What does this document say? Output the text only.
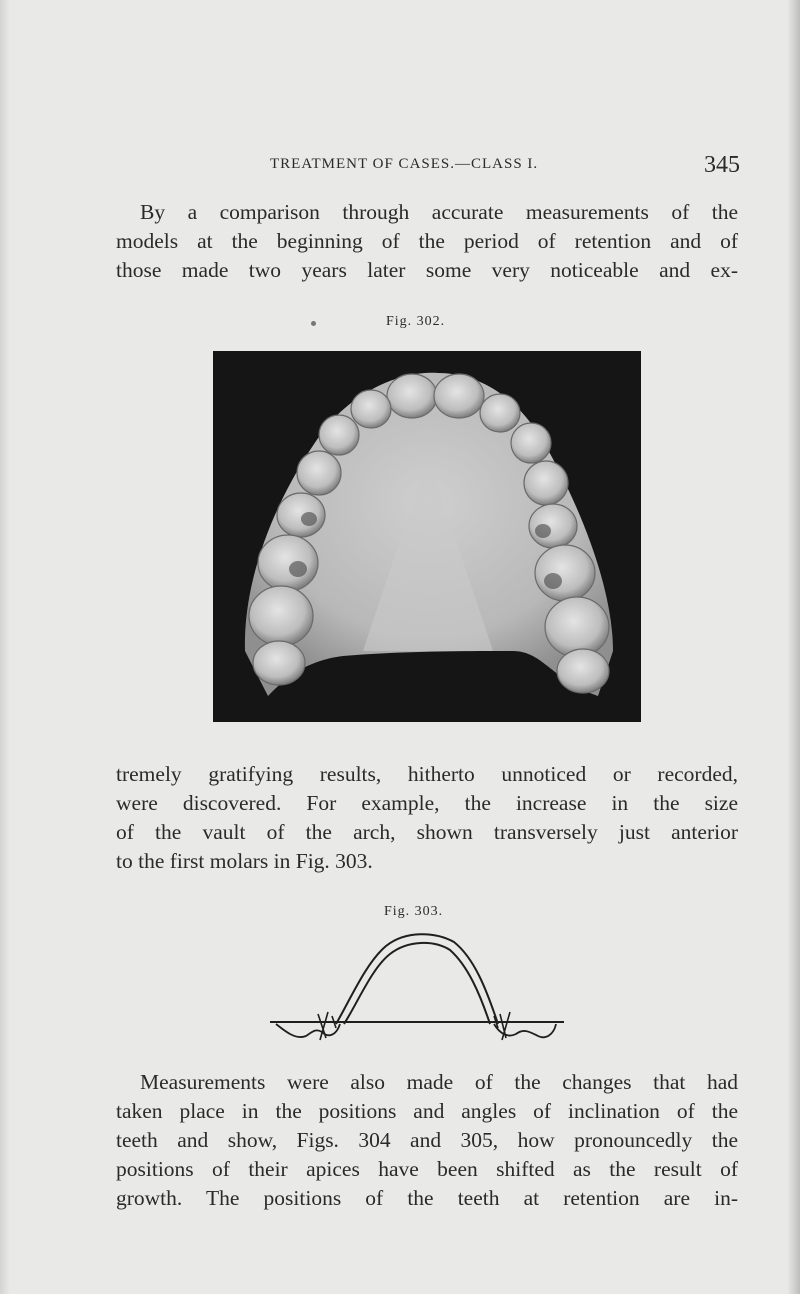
TREATMENT OF CASES.—CLASS I.	345
By a comparison through accurate measurements of the
models at the beginning of the period of retention and of
those made two years later some very noticeable and ex-
Fig. 302.
tremely gratifying results, hitherto unnoticed or recorded,
were discovered. For example, the increase in the size
of the vault of the arch, shown transversely just anterior
to the first molars in Fig. 303.
Fig. 303.
Measurements were also made of the changes that had
taken place in the positions and angles of inclination of the
teeth and show, Figs. 304 and 305, how pronouncedly the
positions of their apices have been shifted as the result of
growth. The positions of the teeth at retention are in-
